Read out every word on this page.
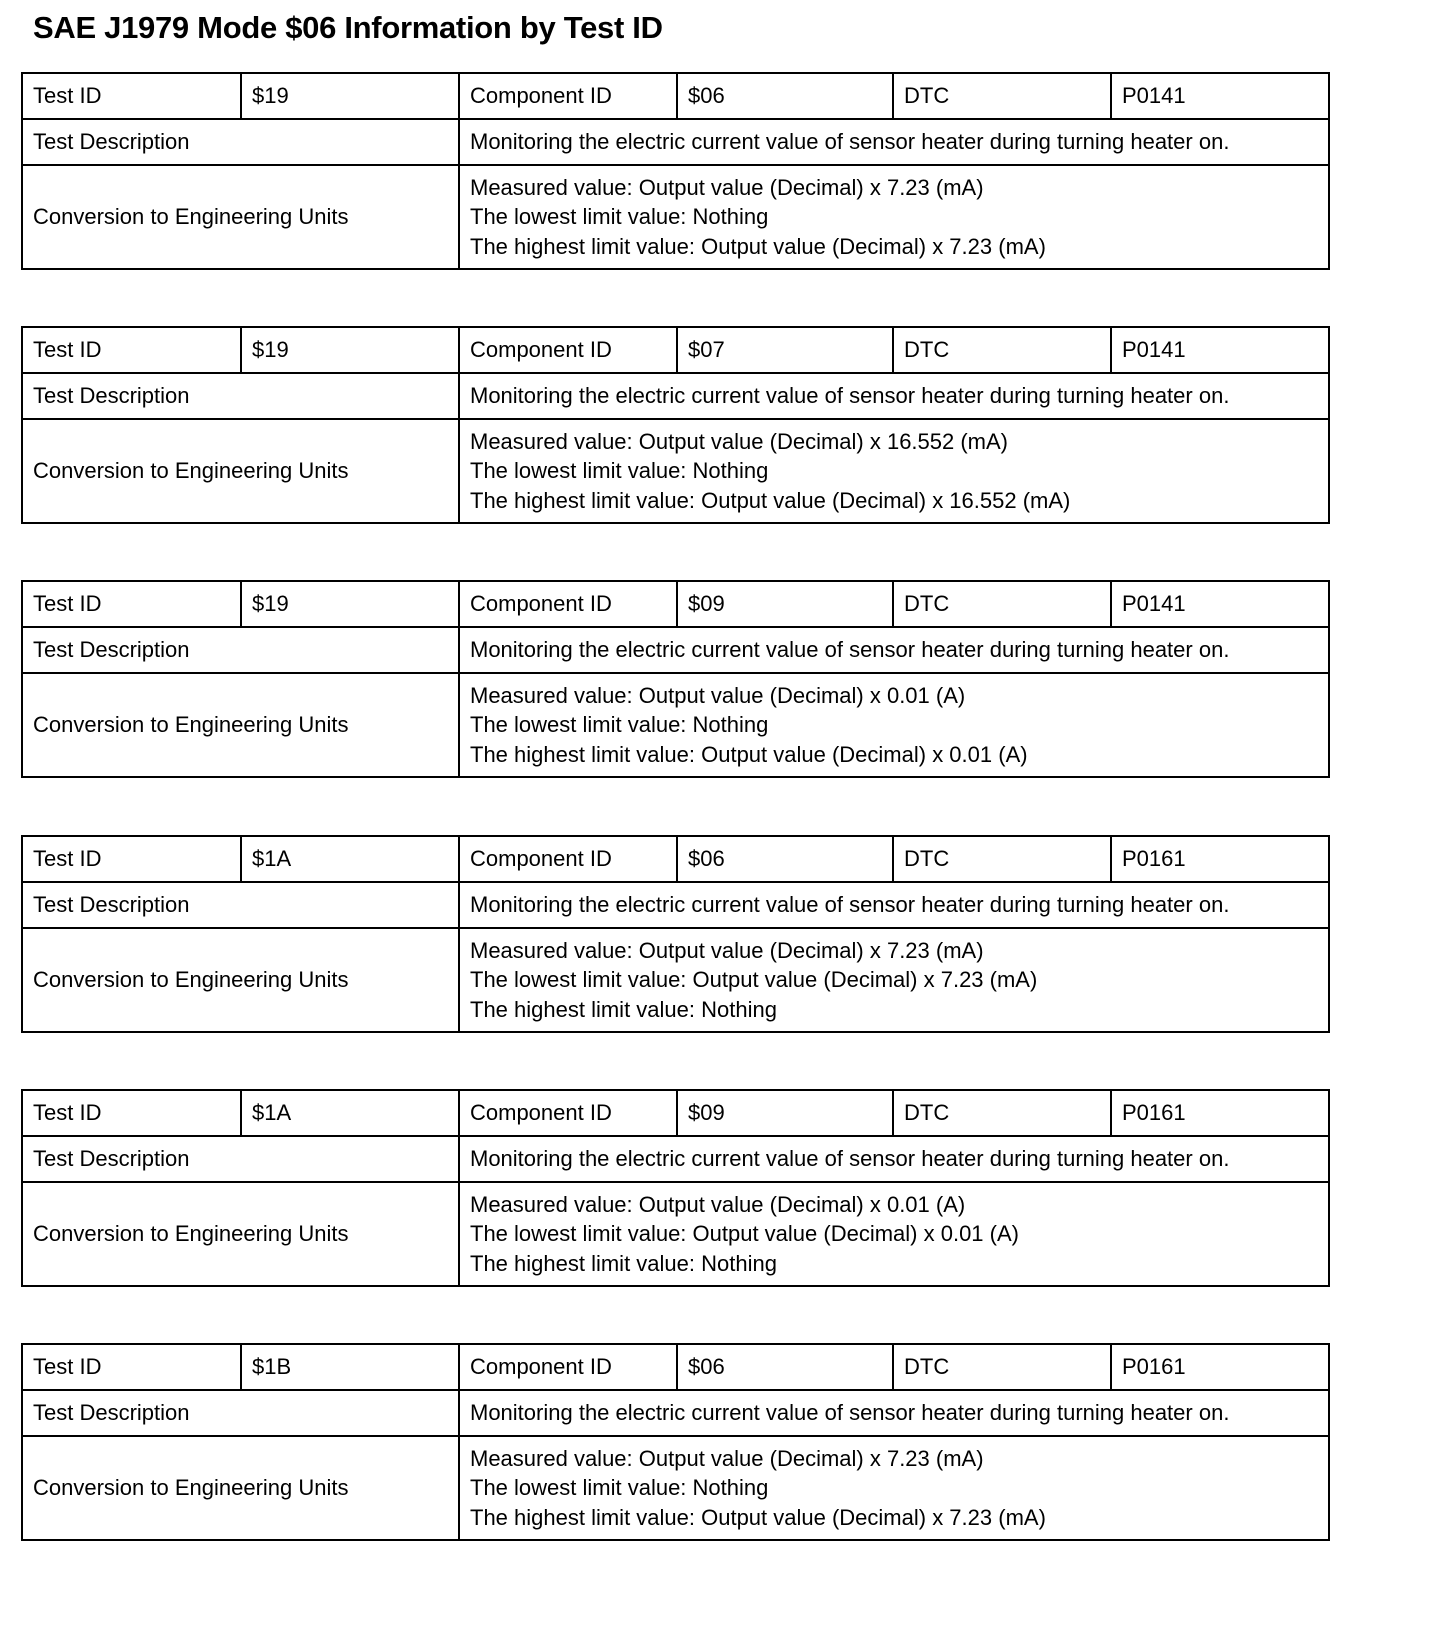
SAE J1979 Mode $06 Information by Test ID
Test ID	$19	Component ID	$06	DTC	P0141
Test Description		Monitoring the electric current value of sensor heater during turning heater on.			
Conversion to Engineering Units		Measured value: Output value (Decimal) x 7.23 (mA)
The lowest limit value: Nothing
The highest limit value: Output value (Decimal) x 7.23 (mA)			
Test ID	$19	Component ID	$07	DTC	P0141
Test Description		Monitoring the electric current value of sensor heater during turning heater on.			
Conversion to Engineering Units		Measured value: Output value (Decimal) x 16.552 (mA)
The lowest limit value: Nothing
The highest limit value: Output value (Decimal) x 16.552 (mA)			
Test ID	$19	Component ID	$09	DTC	P0141
Test Description		Monitoring the electric current value of sensor heater during turning heater on.			
Conversion to Engineering Units		Measured value: Output value (Decimal) x 0.01 (A)
The lowest limit value: Nothing
The highest limit value: Output value (Decimal) x 0.01 (A)			
Test ID	$1A	Component ID	$06	DTC	P0161
Test Description		Monitoring the electric current value of sensor heater during turning heater on.			
Conversion to Engineering Units		Measured value: Output value (Decimal) x 7.23 (mA)
The lowest limit value: Output value (Decimal) x 7.23 (mA)
The highest limit value: Nothing			
Test ID	$1A	Component ID	$09	DTC	P0161
Test Description		Monitoring the electric current value of sensor heater during turning heater on.			
Conversion to Engineering Units		Measured value: Output value (Decimal) x 0.01 (A)
The lowest limit value: Output value (Decimal) x 0.01 (A)
The highest limit value: Nothing			
Test ID	$1B	Component ID	$06	DTC	P0161
Test Description		Monitoring the electric current value of sensor heater during turning heater on.			
Conversion to Engineering Units		Measured value: Output value (Decimal) x 7.23 (mA)
The lowest limit value: Nothing
The highest limit value: Output value (Decimal) x 7.23 (mA)			
